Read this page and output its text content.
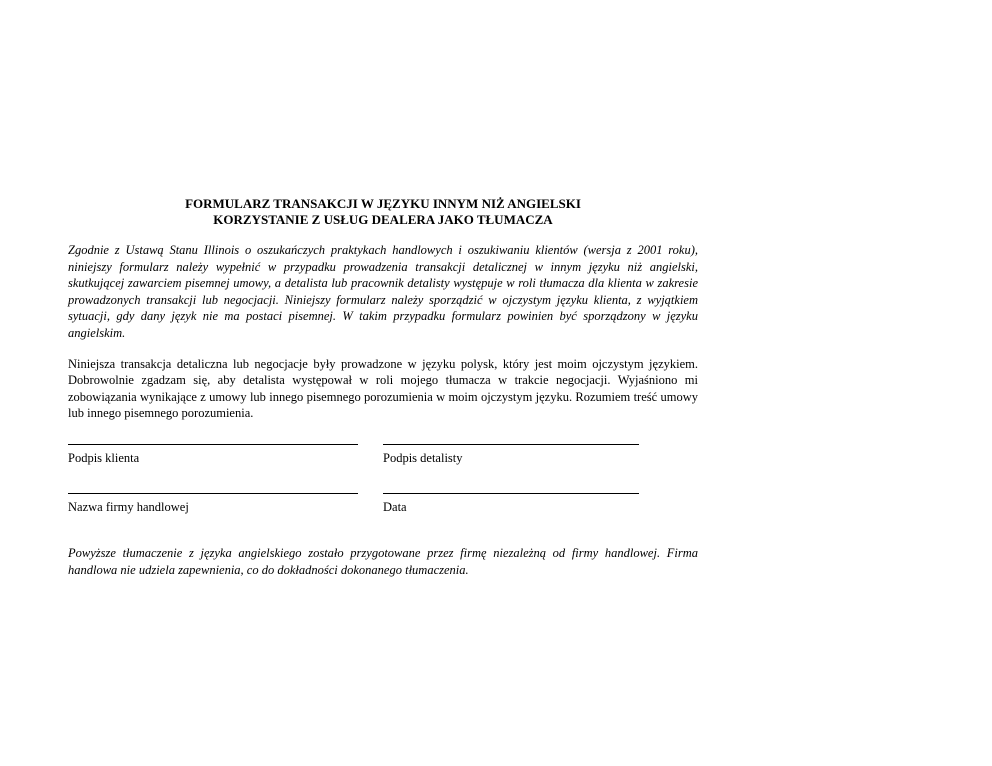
FORMULARZ TRANSAKCJI W JĘZYKU INNYM NIŻ ANGIELSKI
KORZYSTANIE Z USŁUG DEALERA JAKO TŁUMACZA

Zgodnie z Ustawą Stanu Illinois o oszukańczych praktykach handlowych i oszukiwaniu klientów (wersja z 2001 roku), niniejszy formularz należy wypełnić w przypadku prowadzenia transakcji detalicznej w innym języku niż angielski, skutkującej zawarciem pisemnej umowy, a detalista lub pracownik detalisty występuje w roli tłumacza dla klienta w zakresie prowadzonych transakcji lub negocjacji. Niniejszy formularz należy sporządzić w ojczystym języku klienta, z wyjątkiem sytuacji, gdy dany język nie ma postaci pisemnej. W takim przypadku formularz powinien być sporządzony w języku angielskim.

Niniejsza transakcja detaliczna lub negocjacje były prowadzone w języku polysk, który jest moim ojczystym językiem. Dobrowolnie zgadzam się, aby detalista występował w roli mojego tłumacza w trakcie negocjacji. Wyjaśniono mi zobowiązania wynikające z umowy lub innego pisemnego porozumienia w moim ojczystym języku. Rozumiem treść umowy lub innego pisemnego porozumienia.

Podpis klienta	Podpis detalisty
Nazwa firmy handlowej	Data

Powyższe tłumaczenie z języka angielskiego zostało przygotowane przez firmę niezależną od firmy handlowej. Firma handlowa nie udziela zapewnienia, co do dokładności dokonanego tłumaczenia.
